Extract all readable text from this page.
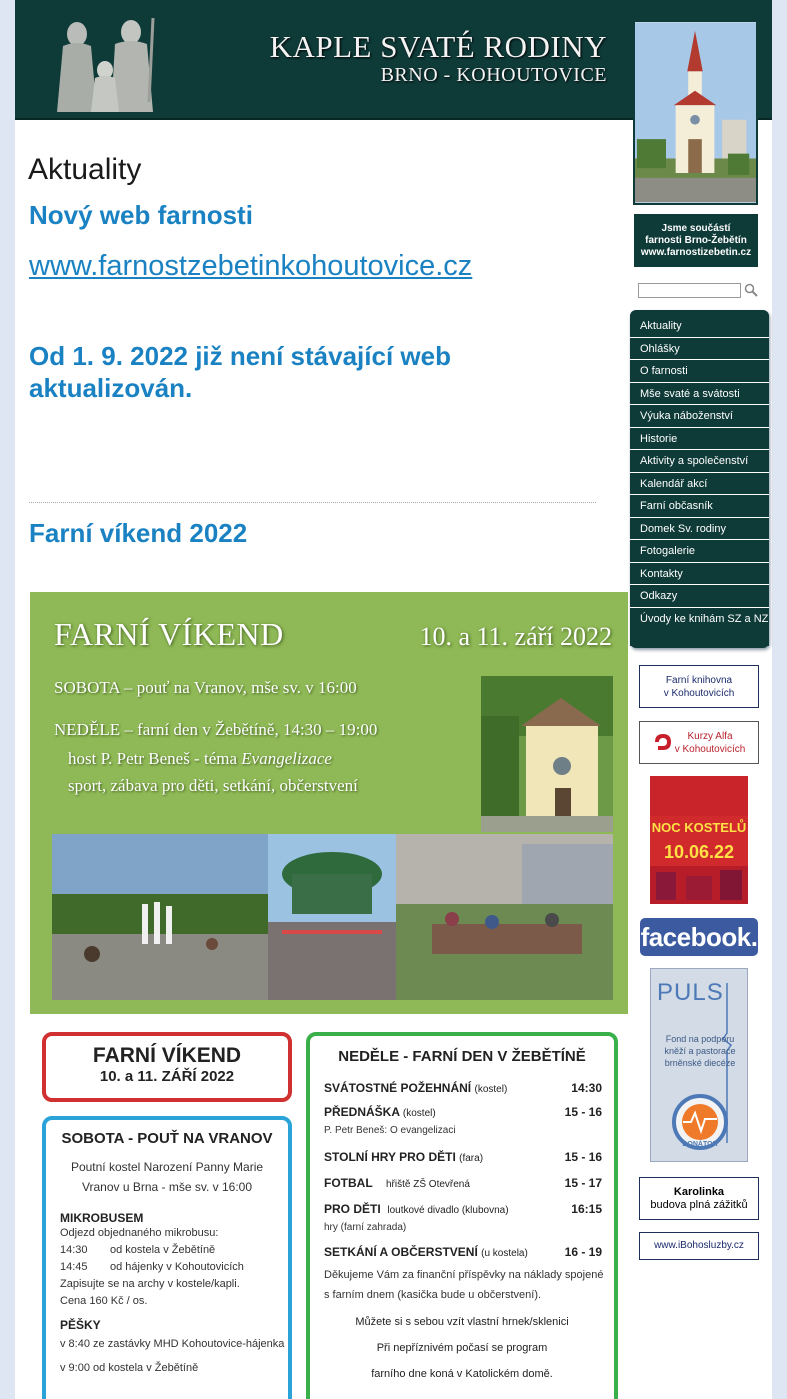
KAPLE SVATÉ RODINY
BRNO - KOHOUTOVICE
Aktuality
Nový web farnosti
www.farnostzebetinkohoutovice.cz
Od 1. 9. 2022 již není stávající web aktualizován.
Farní víkend 2022
FARNÍ VÍKEND	10. a 11. září 2022
SOBOTA – pouť na Vranov, mše sv. v 16:00
NEDĚLE – farní den v Žebětíně, 14:30 – 19:00
host P. Petr Beneš - téma Evangelizace
sport, zábava pro děti, setkání, občerstvení
FARNÍ VÍKEND
10. a 11. ZÁŘÍ 2022
SOBOTA - POUŤ NA VRANOV
Poutní kostel Narození Panny Marie
Vranov u Brna - mše sv. v 16:00
MIKROBUSEM
Odjezd objednaného mikrobusu:
14:30 od kostela v Žebětíně
14:45 od hájenky v Kohoutovicích
Zapisujte se na archy v kostele/kapli.
Cena 160 Kč / os.
PĚŠKY
v 8:40 ze zastávky MHD Kohoutovice-hájenka
v 9:00 od kostela v Žebětíně
NEDĚLE - FARNÍ DEN V ŽEBĚTÍNĚ
SVÁTOSTNÉ POŽEHNÁNÍ (kostel)	14:30
PŘEDNÁŠKA (kostel)	15 - 16
P. Petr Beneš: O evangelizaci
STOLNÍ HRY PRO DĚTI (fara)	15 - 16
FOTBAL hřiště ZŠ Otevřená	15 - 17
PRO DĚTI loutkové divadlo (klubovna)	16:15
hry (farní zahrada)
SETKÁNÍ A OBČERSTVENÍ (u kostela)	16 - 19
Děkujeme Vám za finanční příspěvky na náklady spojené s farním dnem (kasička bude u občerstvení).
Můžete si s sebou vzít vlastní hrnek/sklenici
Při nepříznivém počasí se program
farního dne koná v Katolickém domě.
Jsme součástí
farnosti Brno-Žebětín
www.farnostizebetin.cz
Aktuality
Ohlášky
O farnosti
Mše svaté a svátosti
Výuka náboženství
Historie
Aktivity a společenství
Kalendář akcí
Farní občasník
Domek Sv. rodiny
Fotogalerie
Kontakty
Odkazy
Úvody ke knihám SZ a NZ
Farní knihovna
v Kohoutovicích
Kurzy Alfa
v Kohoutovicích
NOC KOSTELŮ
10.06.22
facebook.
PULS
Fond na podporu kněží a pastorace brněnské diecéze
DONÁTOR
Karolinka
budova plná zážitků
www.iBohosluzby.cz
